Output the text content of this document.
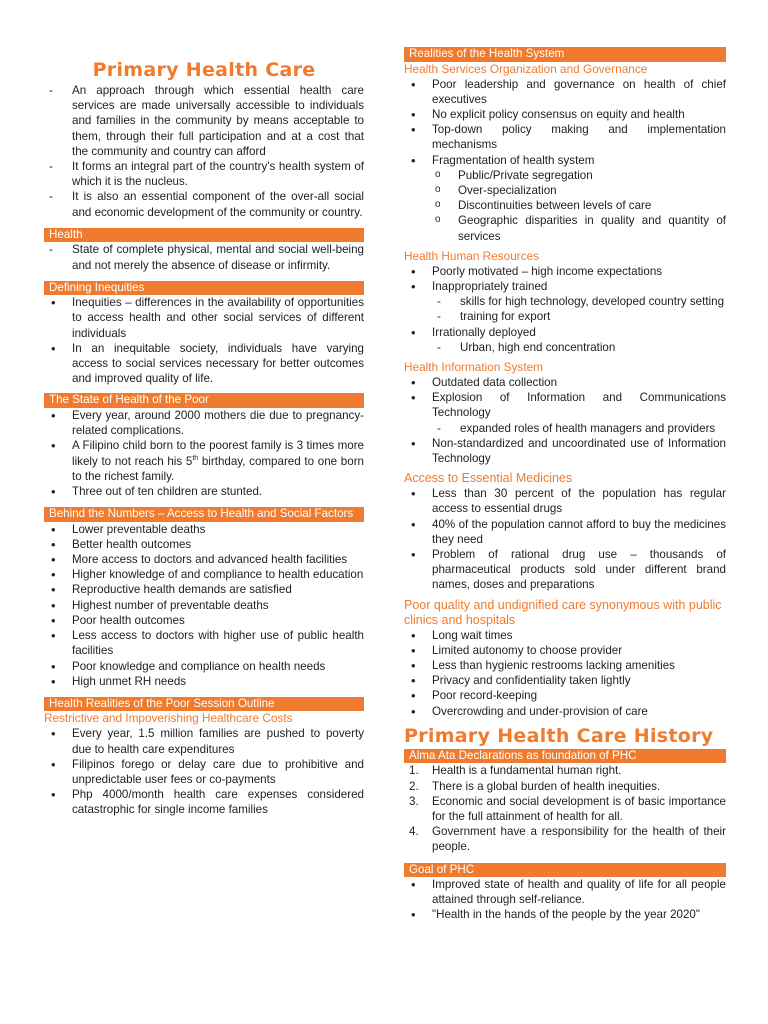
Primary Health Care
- An approach through which essential health care services are made universally accessible to individuals and families in the community by means acceptable to them, through their full participation and at a cost that the community and country can afford
- It forms an integral part of the country's health system of which it is the nucleus.
- It is also an essential component of the over-all social and economic development of the community or country.
Health
- State of complete physical, mental and social well-being and not merely the absence of disease or infirmity.
Defining Inequities
• Inequities – differences in the availability of opportunities to access health and other social services of different individuals
• In an inequitable society, individuals have varying access to social services necessary for better outcomes and improved quality of life.
The State of Health of the Poor
• Every year, around 2000 mothers die due to pregnancy-related complications.
• A Filipino child born to the poorest family is 3 times more likely to not reach his 5th birthday, compared to one born to the richest family.
• Three out of ten children are stunted.
Behind the Numbers – Access to Health and Social Factors
• Lower preventable deaths
• Better health outcomes
• More access to doctors and advanced health facilities
• Higher knowledge of and compliance to health education
• Reproductive health demands are satisfied
• Highest number of preventable deaths
• Poor health outcomes
• Less access to doctors with higher use of public health facilities
• Poor knowledge and compliance on health needs
• High unmet RH needs
Health Realities of the Poor Session Outline
Restrictive and Impoverishing Healthcare Costs
• Every year, 1.5 million families are pushed to poverty due to health care expenditures
• Filipinos forego or delay care due to prohibitive and unpredictable user fees or co-payments
• Php 4000/month health care expenses considered catastrophic for single income families
Realities of the Health System
Health Services Organization and Governance
• Poor leadership and governance on health of chief executives
• No explicit policy consensus on equity and health
• Top-down policy making and implementation mechanisms
• Fragmentation of health system
o Public/Private segregation
o Over-specialization
o Discontinuities between levels of care
o Geographic disparities in quality and quantity of services
Health Human Resources
• Poorly motivated – high income expectations
• Inappropriately trained
- skills for high technology, developed country setting
- training for export
• Irrationally deployed
- Urban, high end concentration
Health Information System
• Outdated data collection
• Explosion of Information and Communications Technology
- expanded roles of health managers and providers
• Non-standardized and uncoordinated use of Information Technology
Access to Essential Medicines
• Less than 30 percent of the population has regular access to essential drugs
• 40% of the population cannot afford to buy the medicines they need
• Problem of rational drug use – thousands of pharmaceutical products sold under different brand names, doses and preparations
Poor quality and undignified care synonymous with public clinics and hospitals
• Long wait times
• Limited autonomy to choose provider
• Less than hygienic restrooms lacking amenities
• Privacy and confidentiality taken lightly
• Poor record-keeping
• Overcrowding and under-provision of care
Primary Health Care History
Alma Ata Declarations as foundation of PHC
1. Health is a fundamental human right.
2. There is a global burden of health inequities.
3. Economic and social development is of basic importance for the full attainment of health for all.
4. Government have a responsibility for the health of their people.
Goal of PHC
• Improved state of health and quality of life for all people attained through self-reliance.
• "Health in the hands of the people by the year 2020"
